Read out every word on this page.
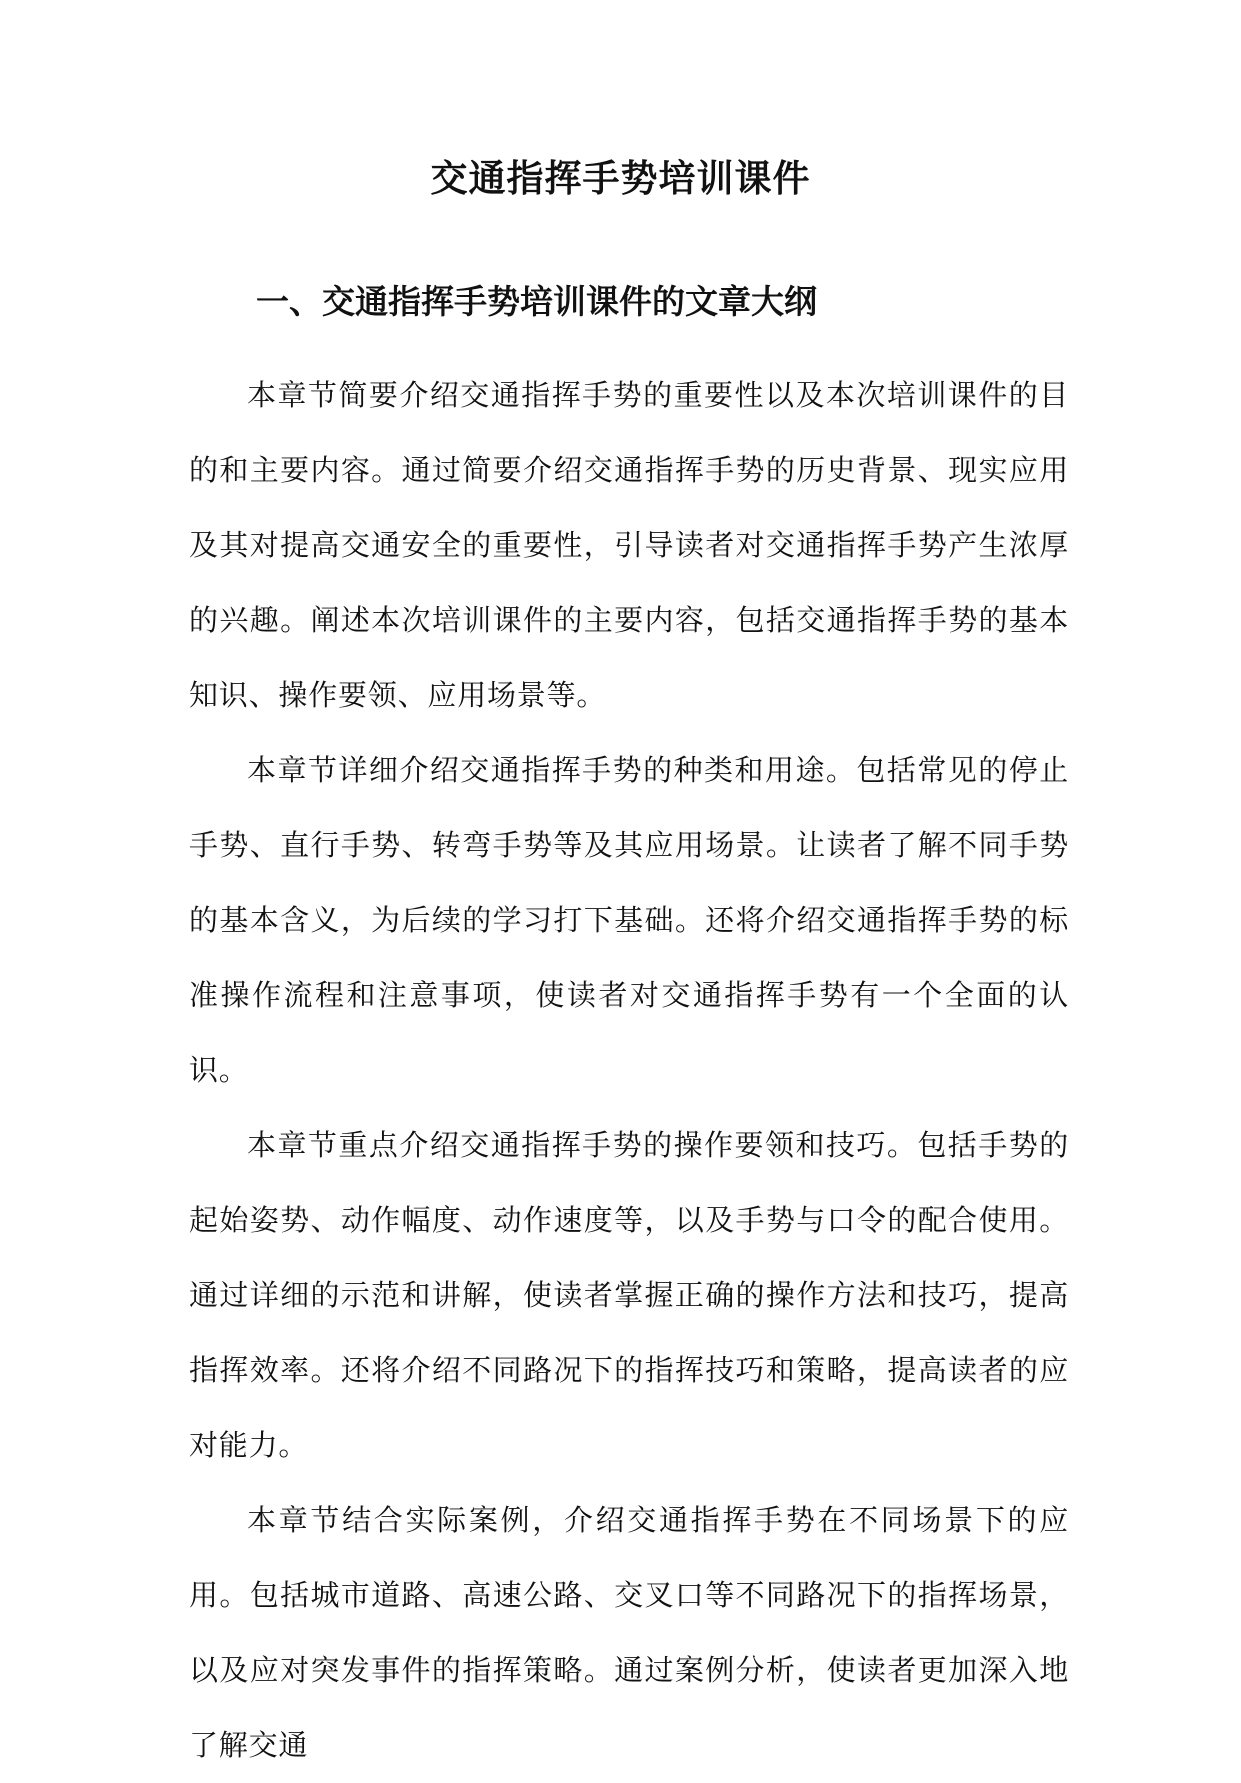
交通指挥手势培训课件
一、交通指挥手势培训课件的文章大纲

本章节简要介绍交通指挥手势的重要性以及本次培训课件的目的和主要内容。通过简要介绍交通指挥手势的历史背景、现实应用及其对提高交通安全的重要性，引导读者对交通指挥手势产生浓厚的兴趣。阐述本次培训课件的主要内容，包括交通指挥手势的基本知识、操作要领、应用场景等。

本章节详细介绍交通指挥手势的种类和用途。包括常见的停止手势、直行手势、转弯手势等及其应用场景。让读者了解不同手势的基本含义，为后续的学习打下基础。还将介绍交通指挥手势的标准操作流程和注意事项，使读者对交通指挥手势有一个全面的认识。

本章节重点介绍交通指挥手势的操作要领和技巧。包括手势的起始姿势、动作幅度、动作速度等，以及手势与口令的配合使用。通过详细的示范和讲解，使读者掌握正确的操作方法和技巧，提高指挥效率。还将介绍不同路况下的指挥技巧和策略，提高读者的应对能力。

本章节结合实际案例，介绍交通指挥手势在不同场景下的应用。包括城市道路、高速公路、交叉口等不同路况下的指挥场景，以及应对突发事件的指挥策略。通过案例分析，使读者更加深入地了解交通
